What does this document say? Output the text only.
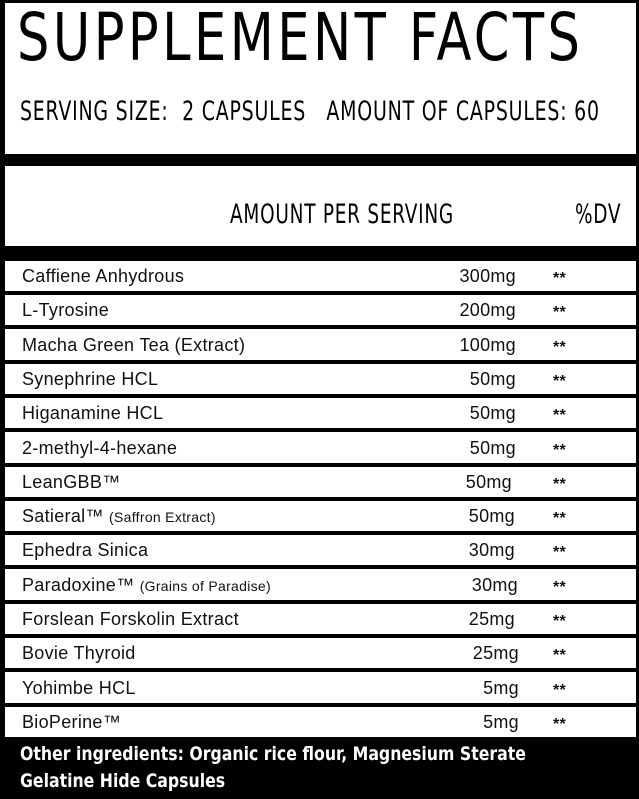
SUPPLEMENT FACTS
SERVING SIZE:  2 CAPSULES AMOUNT OF CAPSULES: 60
AMOUNT PER SERVING	%DV
Caffiene Anhydrous	300mg **
L-Tyrosine	200mg **
Macha Green Tea (Extract)	100mg **
Synephrine HCL	50mg **
Higanamine HCL	50mg **
2-methyl-4-hexane	50mg **
LeanGBB™	50mg	**
Satieral™ (Saffron Extract)	50mg **
Ephedra Sinica	30mg **
Paradoxine™ (Grains of Paradise)	30mg **
Forslean Forskolin Extract	25mg **
Bovie Thyroid	25mg **
Yohimbe HCL	5mg **
BioPerine™	5mg **
Other ingredients: Organic rice flour, Magnesium Sterate
Gelatine Hide Capsules
